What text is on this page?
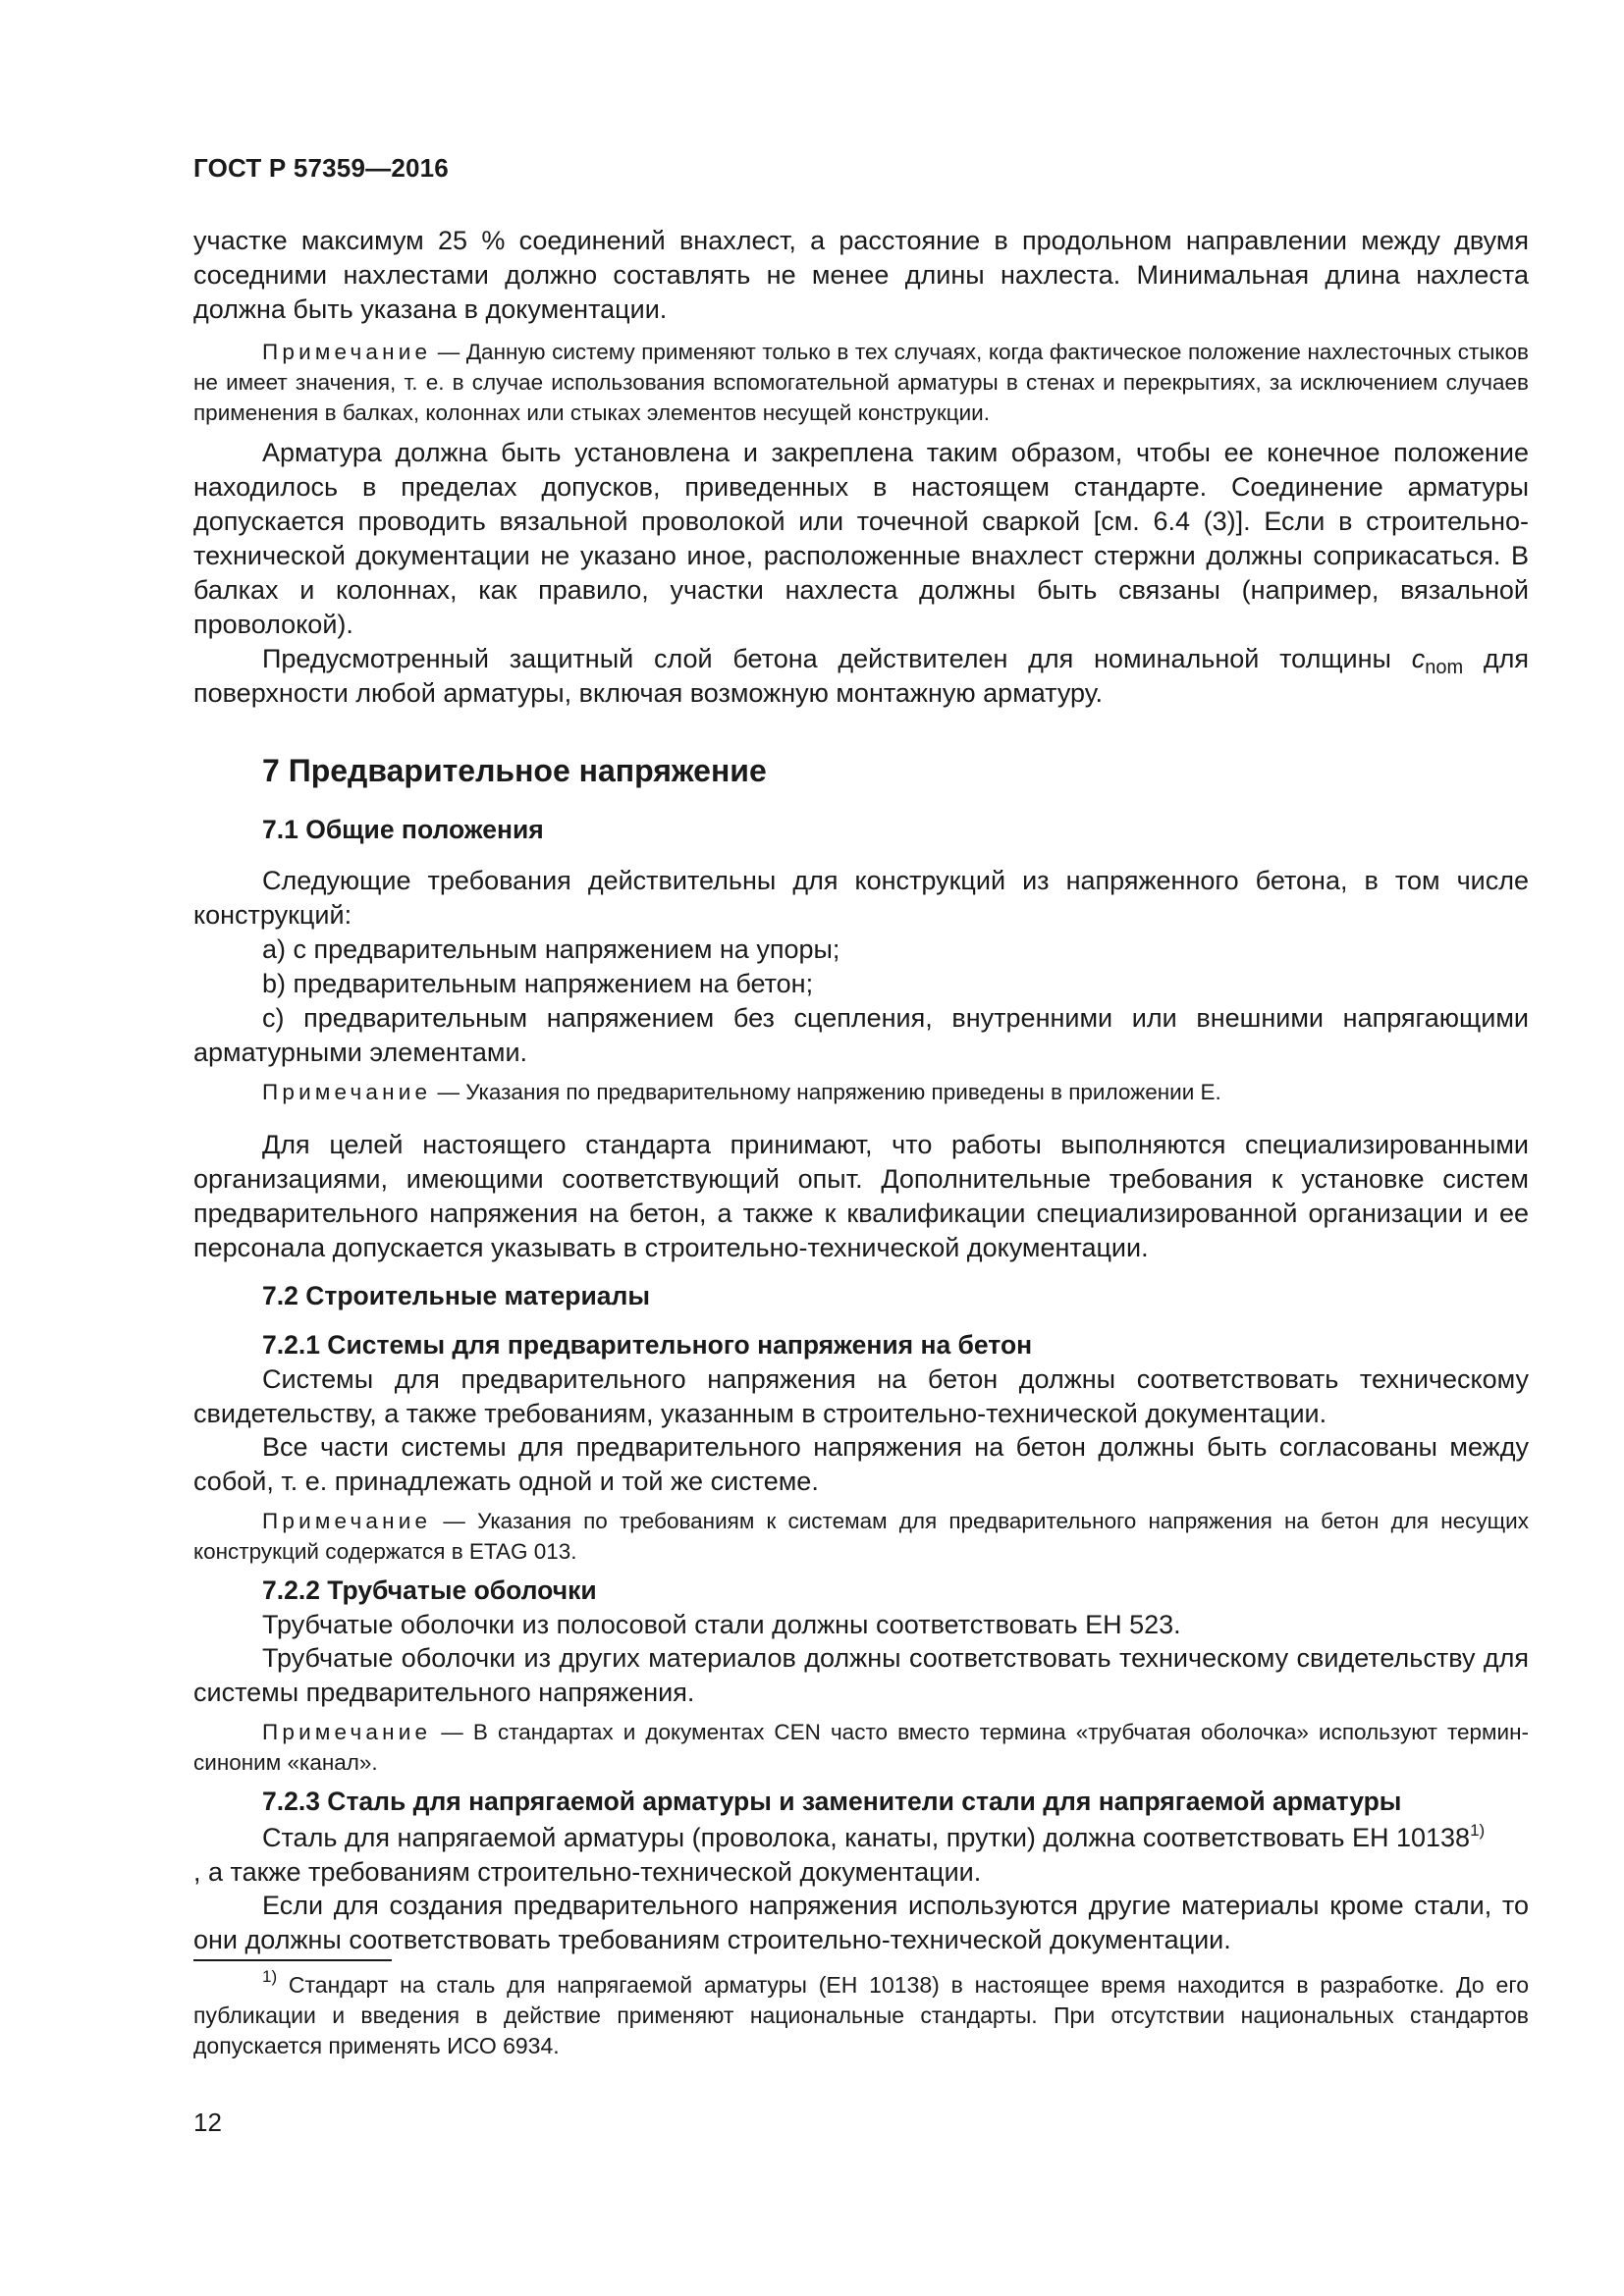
ГОСТ Р 57359—2016
участке максимум 25 % соединений внахлест, а расстояние в продольном направлении между двумя соседними нахлестами должно составлять не менее длины нахлеста. Минимальная длина нахлеста должна быть указана в документации.
Примечание — Данную систему применяют только в тех случаях, когда фактическое положение нахлесточных стыков не имеет значения, т. е. в случае использования вспомогательной арматуры в стенах и перекрытиях, за исключением случаев применения в балках, колоннах или стыках элементов несущей конструкции.
Арматура должна быть установлена и закреплена таким образом, чтобы ее конечное положение находилось в пределах допусков, приведенных в настоящем стандарте. Соединение арматуры допускается проводить вязальной проволокой или точечной сваркой [см. 6.4 (3)]. Если в строительно-технической документации не указано иное, расположенные внахлест стержни должны соприкасаться. В балках и колоннах, как правило, участки нахлеста должны быть связаны (например, вязальной проволокой).
Предусмотренный защитный слой бетона действителен для номинальной толщины $c_{nom}$ для поверхности любой арматуры, включая возможную монтажную арматуру.
7 Предварительное напряжение
7.1 Общие положения
Следующие требования действительны для конструкций из напряженного бетона, в том числе конструкций:
a) с предварительным напряжением на упоры;
b) предварительным напряжением на бетон;
c) предварительным напряжением без сцепления, внутренними или внешними напрягающими арматурными элементами.
Примечание — Указания по предварительному напряжению приведены в приложении Е.
Для целей настоящего стандарта принимают, что работы выполняются специализированными организациями, имеющими соответствующий опыт. Дополнительные требования к установке систем предварительного напряжения на бетон, а также к квалификации специализированной организации и ее персонала допускается указывать в строительно-технической документации.
7.2 Строительные материалы
7.2.1 Системы для предварительного напряжения на бетон
Системы для предварительного напряжения на бетон должны соответствовать техническому свидетельству, а также требованиям, указанным в строительно-технической документации.
Все части системы для предварительного напряжения на бетон должны быть согласованы между собой, т. е. принадлежать одной и той же системе.
Примечание — Указания по требованиям к системам для предварительного напряжения на бетон для несущих конструкций содержатся в ETAG 013.
7.2.2 Трубчатые оболочки
Трубчатые оболочки из полосовой стали должны соответствовать ЕН 523.
Трубчатые оболочки из других материалов должны соответствовать техническому свидетельству для системы предварительного напряжения.
Примечание — В стандартах и документах CEN часто вместо термина «трубчатая оболочка» используют термин-синоним «канал».
7.2.3 Сталь для напрягаемой арматуры и заменители стали для напрягаемой арматуры
Сталь для напрягаемой арматуры (проволока, канаты, прутки) должна соответствовать ЕН 10138$^{1)}$
, а также требованиям строительно-технической документации.
Если для создания предварительного напряжения используются другие материалы кроме стали, то они должны соответствовать требованиям строительно-технической документации.
$^{1)}$ Стандарт на сталь для напрягаемой арматуры (ЕН 10138) в настоящее время находится в разработке. До его публикации и введения в действие применяют национальные стандарты. При отсутствии национальных стандартов допускается применять ИСО 6934.
12
